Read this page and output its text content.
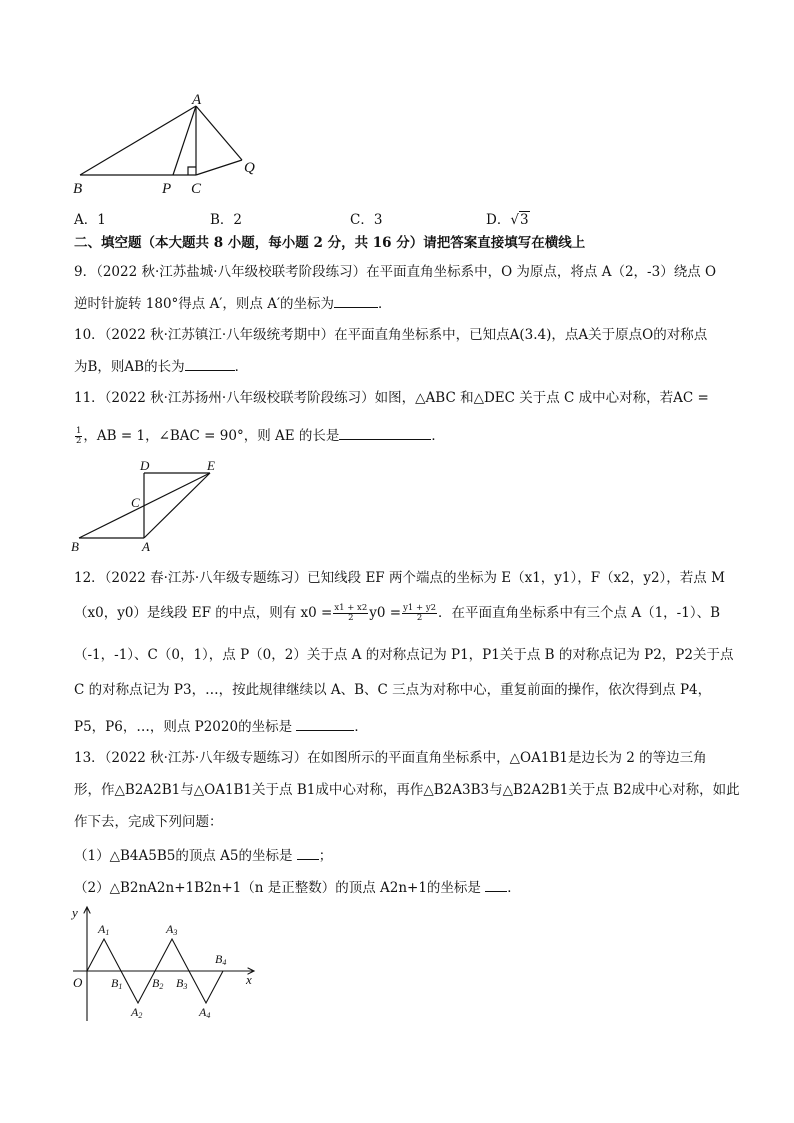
A
B	P C
Q
A．1	B．2	C．3	D．√3
二、填空题（本大题共 8 小题，每小题 2 分，共 16 分）请把答案直接填写在横线上
9．（2022 秋·江苏盐城·八年级校联考阶段练习）在平面直角坐标系中，O 为原点，将点 A（2，-3）绕点 O
逆时针旋转 180°得点 A′，则点 A′的坐标为	．
10．（2022 秋·江苏镇江·八年级统考期中）在平面直角坐标系中，已知点A(3.4)，点A关于原点O的对称点
为B，则AB的长为	．
11．（2022 秋·江苏扬州·八年级校联考阶段练习）如图，△ABC 和△DEC 关于点 C 成中心对称，若AC =
$\frac{1}{2}$ ，AB = 1，∠BAC = 90°，则 AE 的长是	．
D	E
C
B	A
12．（2022 春·江苏·八年级专题练习）已知线段 EF 两个端点的坐标为 E（x1，y1），F（x2，y2），若点 M
（x0，y0）是线段 EF 的中点，则有 $x0 = \frac{x1 + x2}{2} y0 = \frac{y1 + y2}{2}$ ．在平面直角坐标系中有三个点 A（1，-1）、B
（-1，-1）、C（0，1），点 P（0，2）关于点 A 的对称点记为 P1，P1关于点 B 的对称点记为 P2，P2关于点
C 的对称点记为 P3，…，按此规律继续以 A、B、C 三点为对称中心，重复前面的操作，依次得到点 P4，
P5，P6，…，则点 P2020的坐标是	．
13．（2022 秋·江苏·八年级专题练习）在如图所示的平面直角坐标系中，△OA1B1是边长为 2 的等边三角
形，作△B2A2B1与△OA1B1关于点 B1成中心对称，再作△B2A3B3与△B2A2B1关于点 B2成中心对称，如此
作下去，完成下列问题：
（1）△B4A5B5的顶点 A5的坐标是 ；
（2）△B2nA2n+1B2n+1（n 是正整数）的顶点 A2n+1的坐标是 ．
y
x
O
A1	A3
B1 B2 B3
B4
A2	A4
